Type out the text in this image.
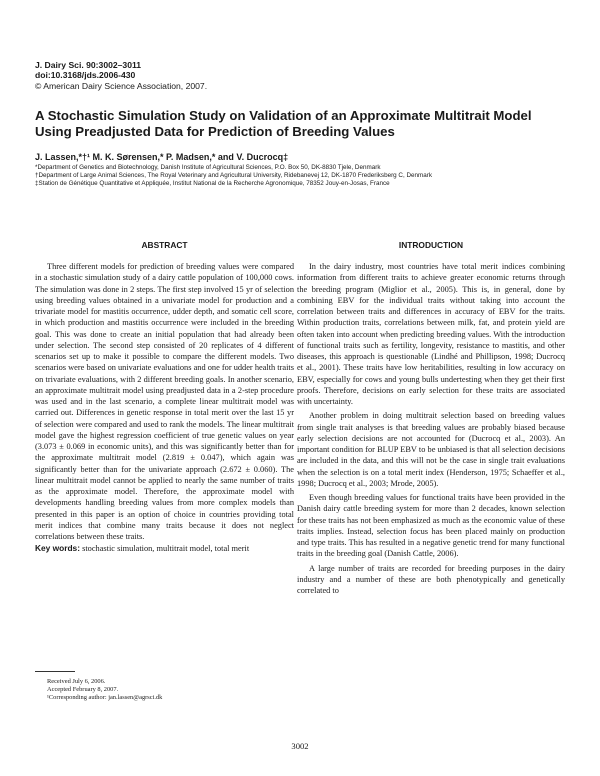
J. Dairy Sci. 90:3002–3011
doi:10.3168/jds.2006-430
© American Dairy Science Association, 2007.
A Stochastic Simulation Study on Validation of an Approximate Multitrait Model Using Preadjusted Data for Prediction of Breeding Values
J. Lassen,*†¹ M. K. Sørensen,* P. Madsen,* and V. Ducrocq‡
*Department of Genetics and Biotechnology, Danish Institute of Agricultural Sciences, P.O. Box 50, DK-8830 Tjele, Denmark
†Department of Large Animal Sciences, The Royal Veterinary and Agricultural University, Ridebanevej 12, DK-1870 Frederiksberg C, Denmark
‡Station de Génétique Quantitative et Appliquée, Institut National de la Recherche Agronomique, 78352 Jouy-en-Josas, France
ABSTRACT

Three different models for prediction of breeding values were compared in a stochastic simulation study of a dairy cattle population of 100,000 cows. The simulation was done in 2 steps. The first step involved 15 yr of selection using breeding values obtained in a univariate model for production and a trivariate model for mastitis occurrence, udder depth, and somatic cell score, in which production and mastitis occurrence were included in the breeding goal. This was done to create an initial population that had already been under selection. The second step consisted of 20 replicates of 4 different scenarios set up to make it possible to compare the different models. Two scenarios were based on univariate evaluations and one for udder health traits on trivariate evaluations, with 2 different breeding goals. In another scenario, an approximate multitrait model using preadjusted data in a 2-step procedure was used and in the last scenario, a complete linear multitrait model was carried out. Differences in genetic response in total merit over the last 15 yr of selection were compared and used to rank the models. The linear multitrait model gave the highest regression coefficient of true genetic values on year (3.073 ± 0.069 in economic units), and this was significantly better than for the approximate multitrait model (2.819 ± 0.047), which again was significantly better than for the univariate approach (2.672 ± 0.060). The linear multitrait model cannot be applied to nearly the same number of traits as the approximate model. Therefore, the approximate model with developments handling breeding values from more complex models than presented in this paper is an option of choice in countries providing total merit indices that combine many traits because it does not neglect correlations between these traits.

Key words: stochastic simulation, multitrait model, total merit
INTRODUCTION

In the dairy industry, most countries have total merit indices combining information from different traits to achieve greater economic returns through the breeding program (Miglior et al., 2005). This is, in general, done by combining EBV for the individual traits without taking into account the correlation between traits and differences in accuracy of EBV for the traits. Within production traits, correlations between milk, fat, and protein yield are often taken into account when predicting breeding values. With the introduction of functional traits such as fertility, longevity, resistance to mastitis, and other diseases, this approach is questionable (Lindhé and Phillipson, 1998; Ducrocq et al., 2001). These traits have low heritabilities, resulting in low accuracy on EBV, especially for cows and young bulls undertesting when they get their first proofs. Therefore, decisions on early selection for these traits are associated with uncertainty.

Another problem in doing multitrait selection based on breeding values from single trait analyses is that breeding values are probably biased because early selection decisions are not accounted for (Ducrocq et al., 2003). An important condition for BLUP EBV to be unbiased is that all selection decisions are included in the data, and this will not be the case in single trait evaluations when the selection is on a total merit index (Henderson, 1975; Schaeffer et al., 1998; Ducrocq et al., 2003; Mrode, 2005).

Even though breeding values for functional traits have been provided in the Danish dairy cattle breeding system for more than 2 decades, known selection for these traits has not been emphasized as much as the economic value of these traits implies. Instead, selection focus has been placed mainly on production and type traits. This has resulted in a negative genetic trend for many functional traits in the breeding goal (Danish Cattle, 2006).

A large number of traits are recorded for breeding purposes in the dairy industry and a number of these are both phenotypically and genetically correlated to

Received July 6, 2006.
Accepted February 8, 2007.
¹Corresponding author: jan.lassen@agrsci.dk
3002
